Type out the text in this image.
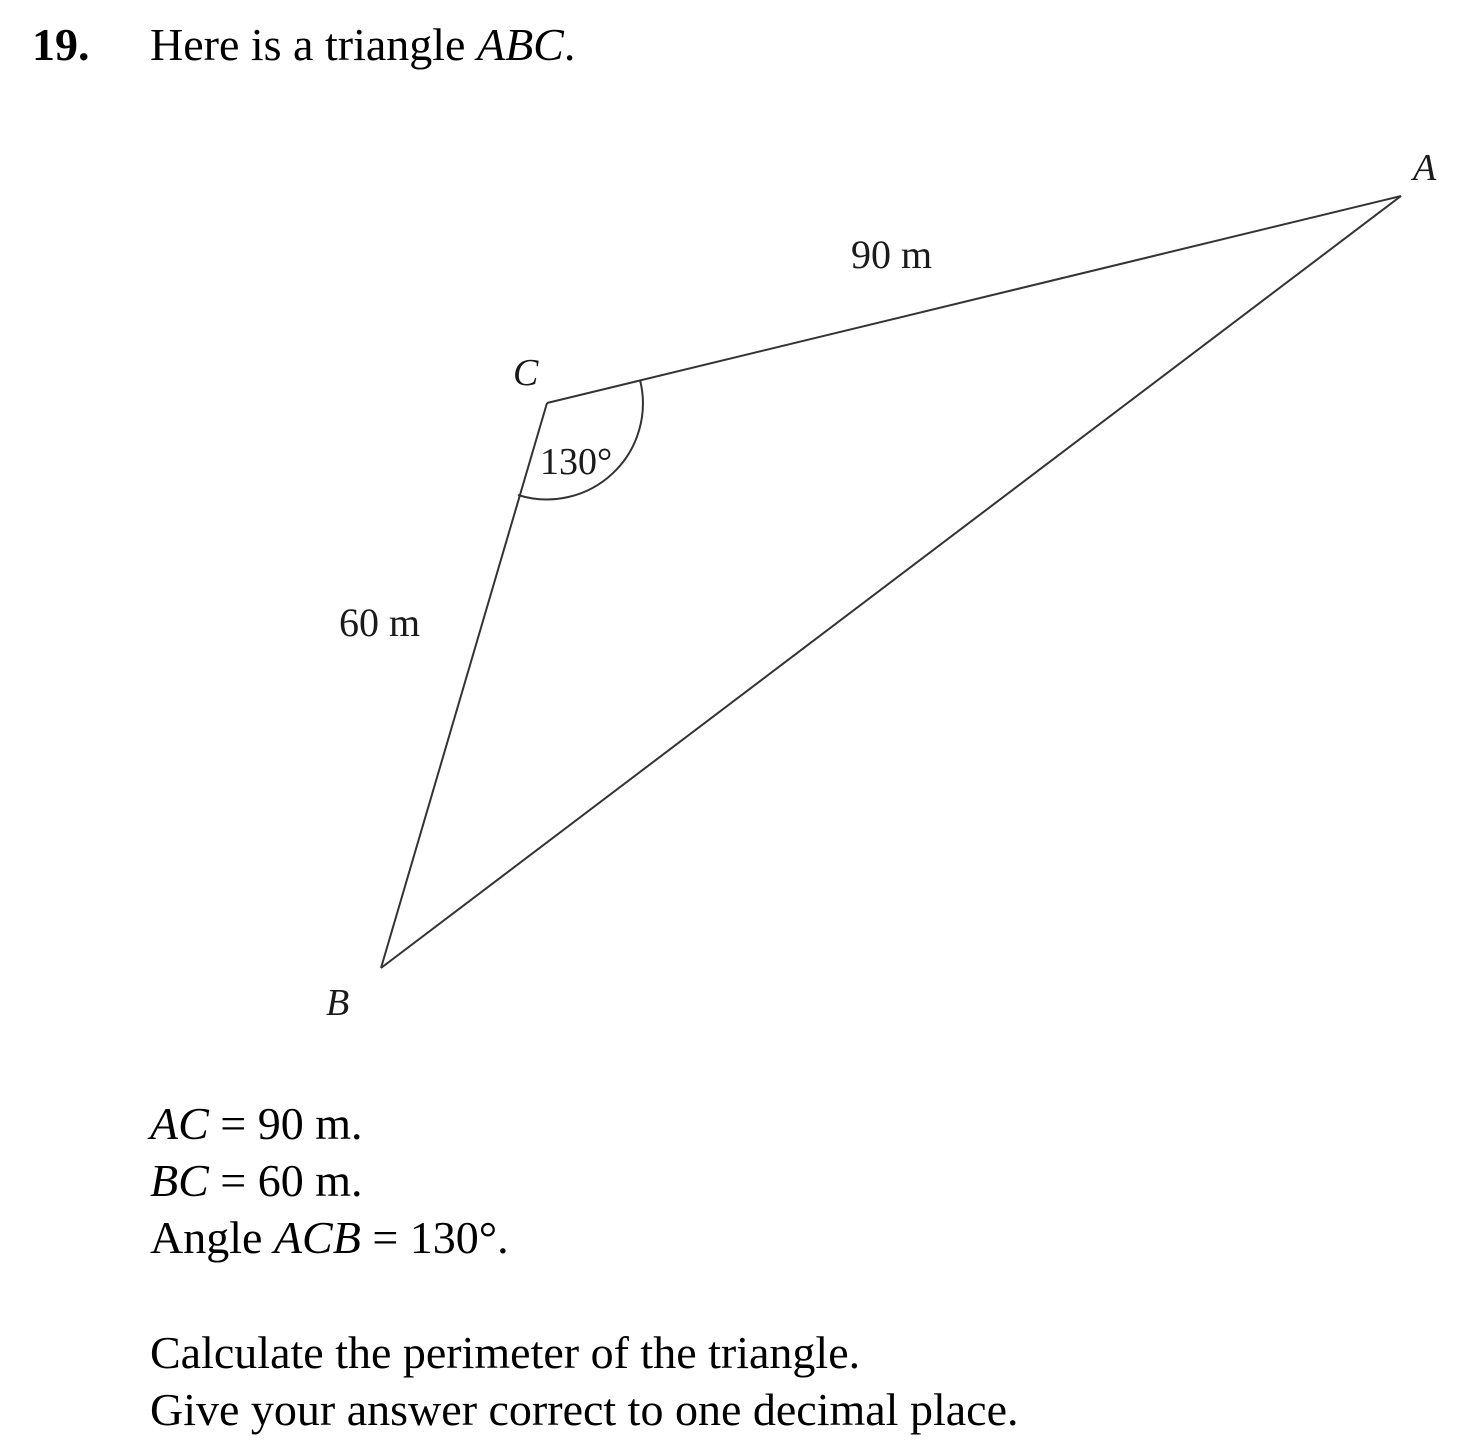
19. Here is a triangle ABC.
A
B
C
90 m
60 m
130°
AC = 90 m.
BC = 60 m.
Angle ACB = 130°.
Calculate the perimeter of the triangle.
Give your answer correct to one decimal place.
